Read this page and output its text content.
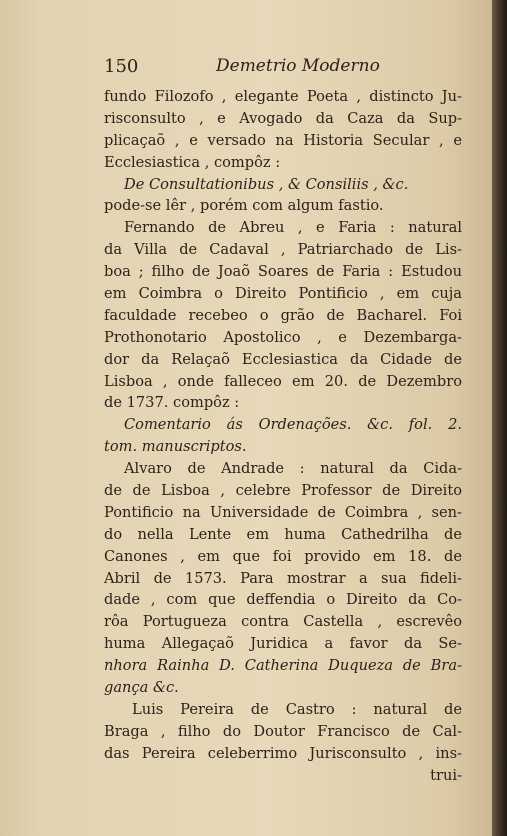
150	Demetrio Moderno
fundo Filozofo , elegante Poeta , distincto Ju-
risconsulto , e Avogado da Caza da Sup-
plicaçaõ , e versado na Historia Secular , e
Ecclesiastica , compôz :
De Consultationibus , & Consiliis , &c.
pode-se lêr , porém com algum fastio.
Fernando de Abreu , e Faria : natural
da Villa de Cadaval , Patriarchado de Lis-
boa ; filho de Joaõ Soares de Faria : Estudou
em Coimbra o Direito Pontificio , em cuja
faculdade recebeo o grão de Bacharel. Foi
Prothonotario Apostolico , e Dezembarga-
dor da Relaçaõ Ecclesiastica da Cidade de
Lisboa , onde falleceo em 20. de Dezembro
de 1737. compôz :
Comentario ás Ordenações. &c. fol. 2.
tom. manuscriptos.
Alvaro de Andrade : natural da Cida-
de de Lisboa , celebre Professor de Direito
Pontificio na Universidade de Coimbra , sen-
do nella Lente em huma Cathedrilha de
Canones , em que foi provido em 18. de
Abril de 1573. Para mostrar a sua fideli-
dade , com que deffendia o Direito da Co-
rôa Portugueza contra Castella , escrevêo
huma Allegaçaõ Juridica a favor da Se-
nhora Rainha D. Catherina Duqueza de Bra-
gança &c.
Luis Pereira de Castro : natural de
Braga , filho do Doutor Francisco de Cal-
das Pereira celeberrimo Jurisconsulto , ins-
trui-
